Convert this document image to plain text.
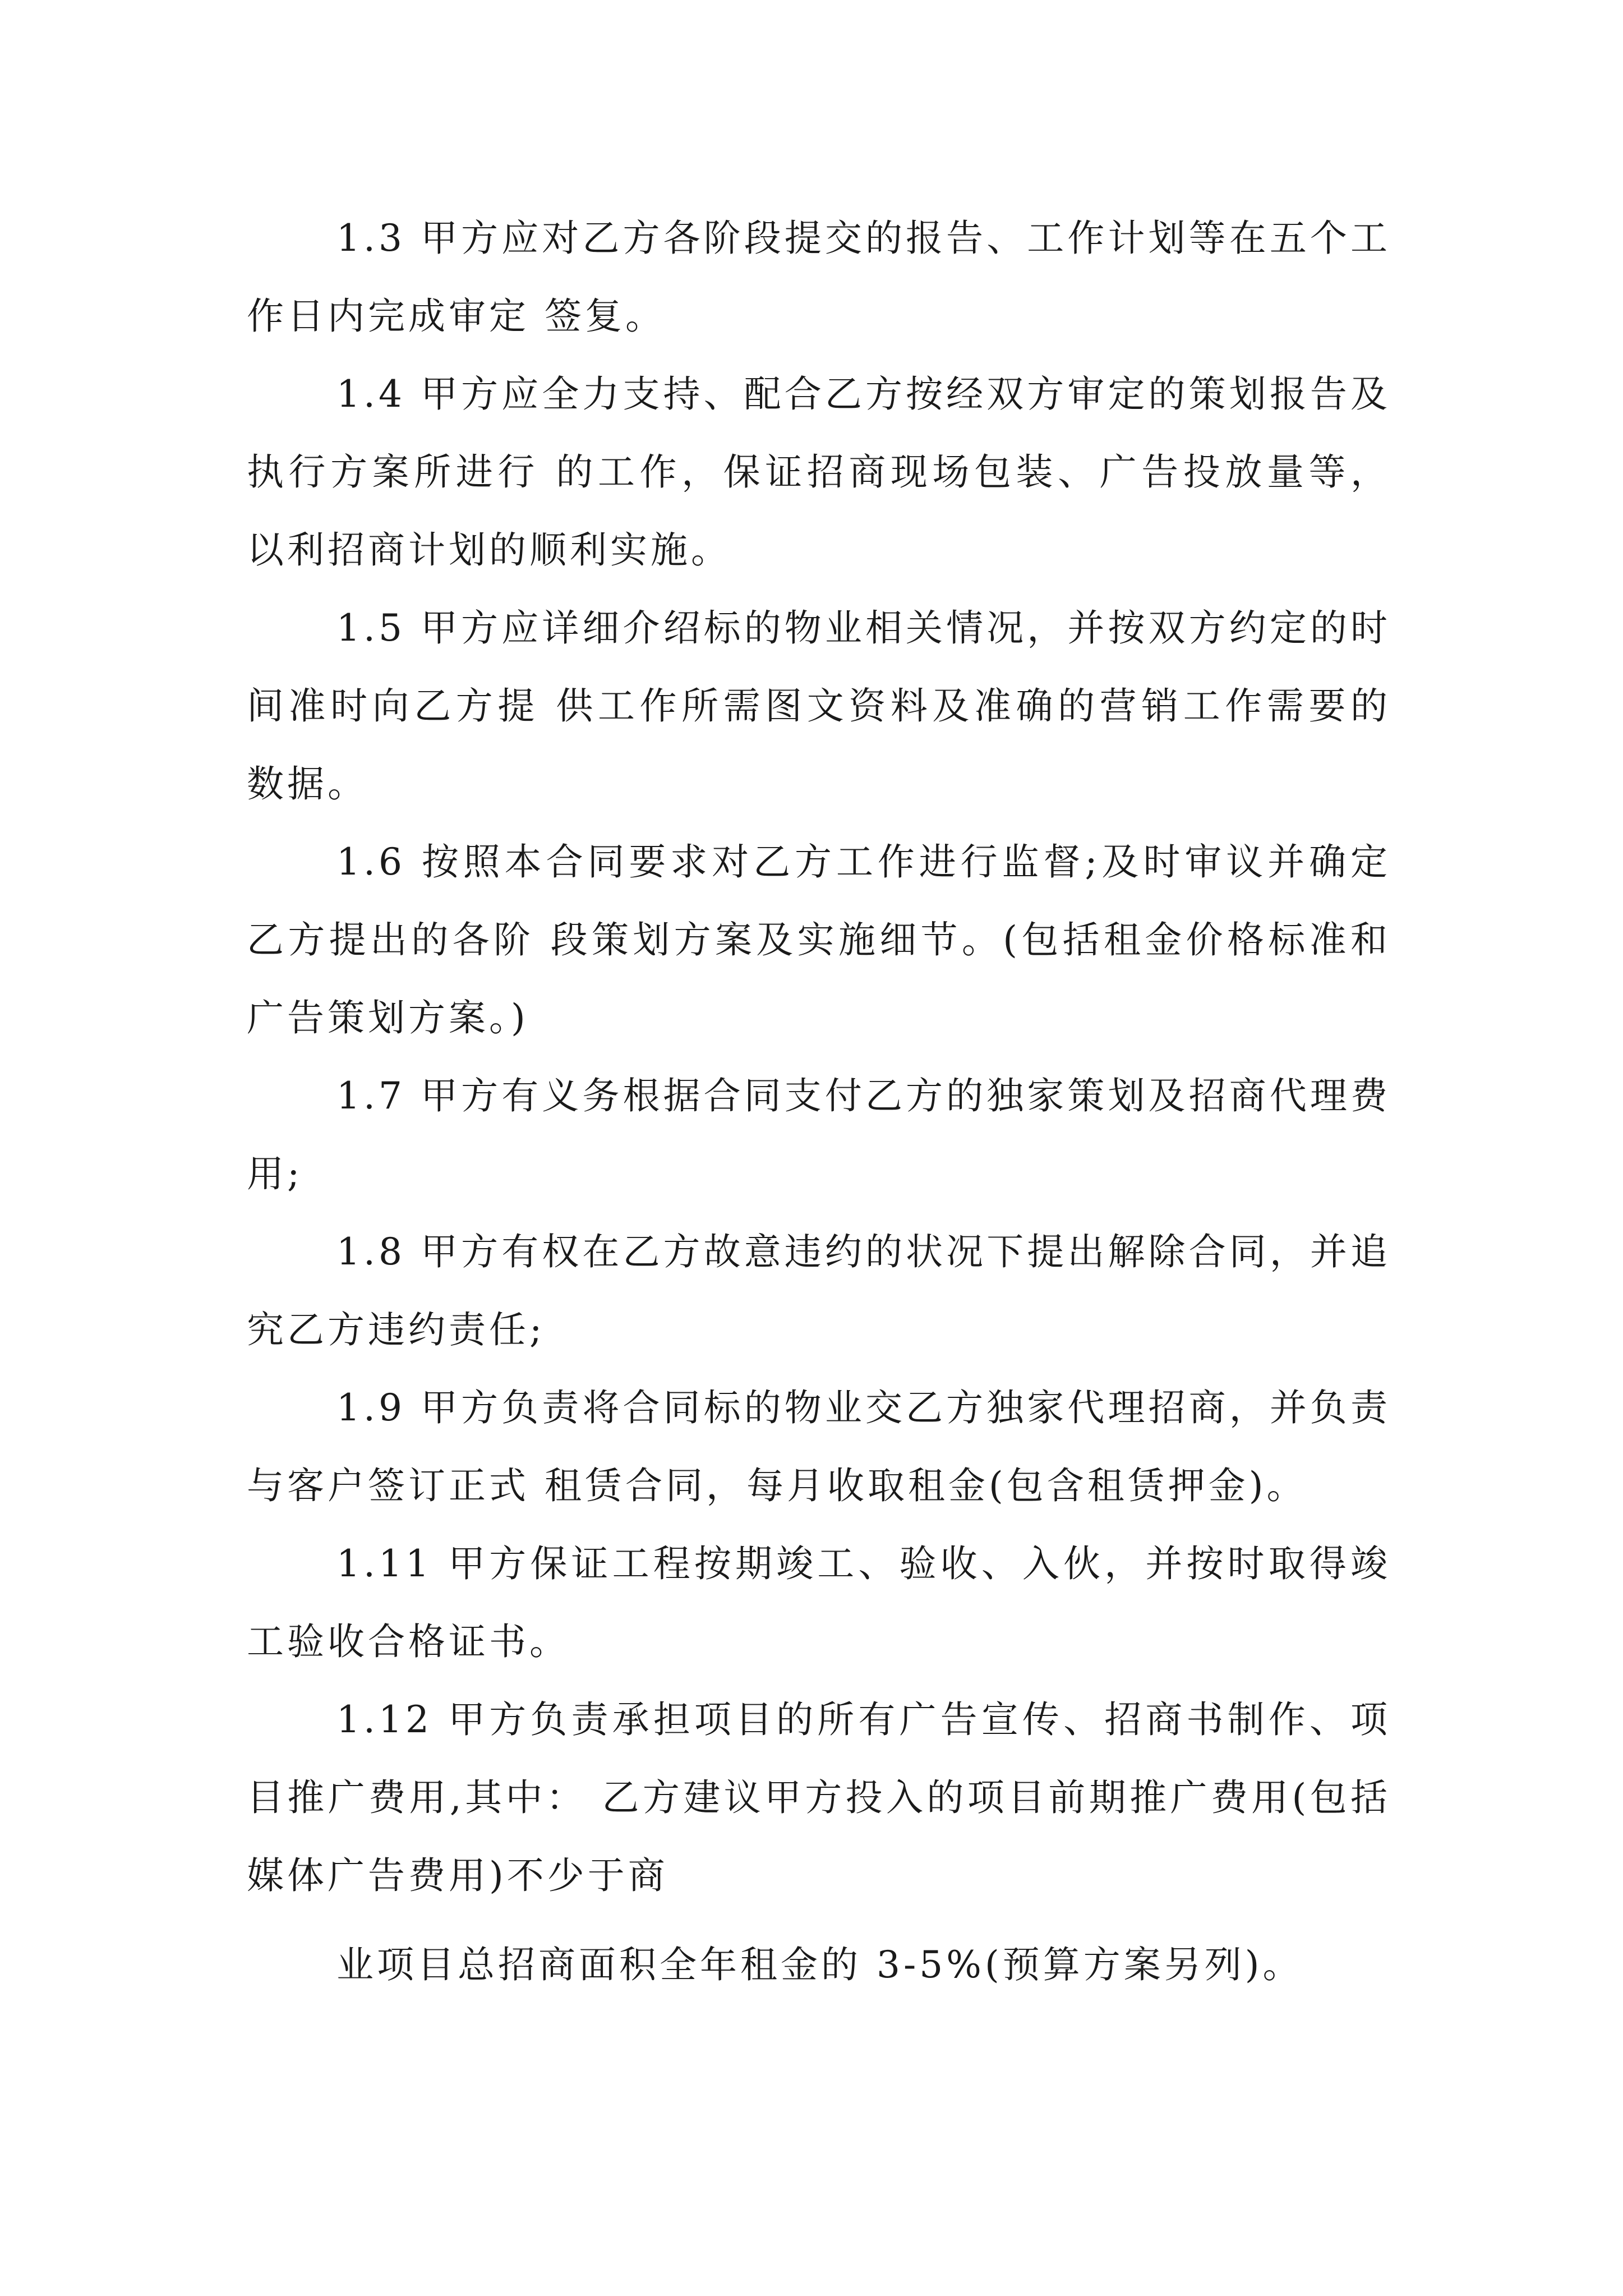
1.3 甲方应对乙方各阶段提交的报告、工作计划等在五个工作日内完成审定 签复。

1.4 甲方应全力支持、配合乙方按经双方审定的策划报告及执行方案所进行 的工作，保证招商现场包装、广告投放量等，以利招商计划的顺利实施。

1.5 甲方应详细介绍标的物业相关情况，并按双方约定的时间准时向乙方提 供工作所需图文资料及准确的营销工作需要的数据。

1.6 按照本合同要求对乙方工作进行监督;及时审议并确定乙方提出的各阶 段策划方案及实施细节。(包括租金价格标准和广告策划方案。)

1.7 甲方有义务根据合同支付乙方的独家策划及招商代理费用;

1.8 甲方有权在乙方故意违约的状况下提出解除合同，并追究乙方违约责任;

1.9 甲方负责将合同标的物业交乙方独家代理招商，并负责与客户签订正式 租赁合同，每月收取租金(包含租赁押金)。

1.11 甲方保证工程按期竣工、验收、入伙，并按时取得竣工验收合格证书。

1.12 甲方负责承担项目的所有广告宣传、招商书制作、项目推广费用,其中： 乙方建议甲方投入的项目前期推广费用(包括媒体广告费用)不少于商

业项目总招商面积全年租金的 3-5%(预算方案另列)。
